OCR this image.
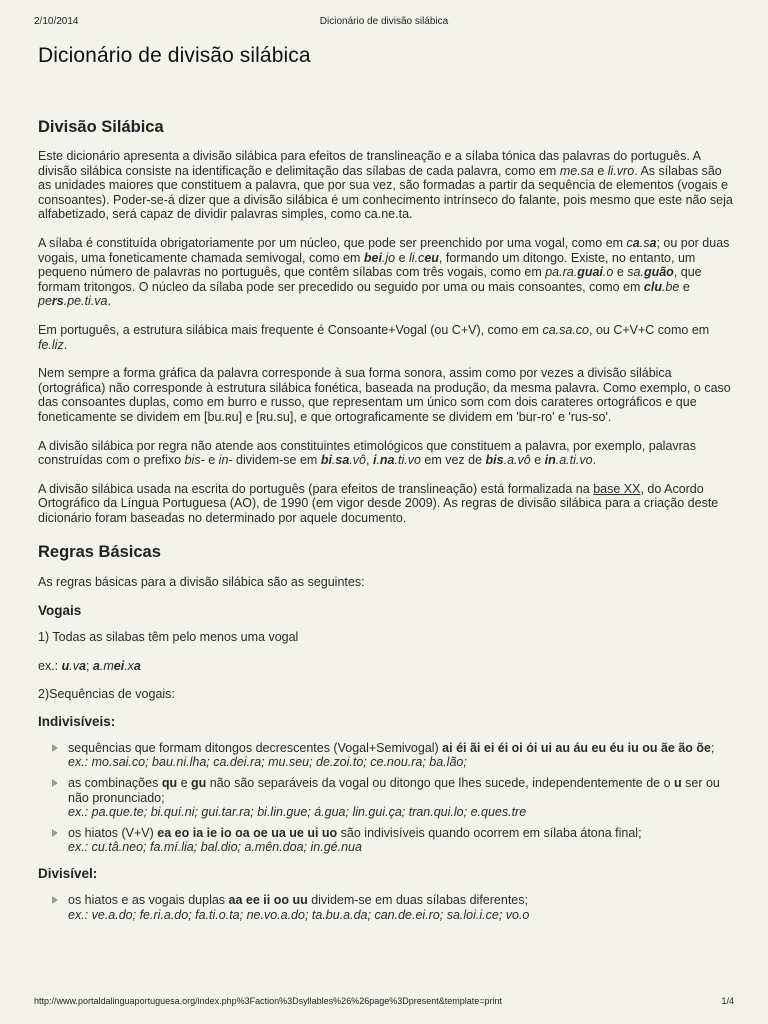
2/10/2014	Dicionário de divisão silábica
Dicionário de divisão silábica
Divisão Silábica

Este dicionário apresenta a divisão silábica para efeitos de translineação e a sílaba tónica das palavras do português. A divisão silábica consiste na identificação e delimitação das sílabas de cada palavra, como em me.sa e li.vro. As sílabas são as unidades maiores que constituem a palavra, que por sua vez, são formadas a partir da sequência de elementos (vogais e consoantes). Poder-se-á dizer que a divisão silábica é um conhecimento intrínseco do falante, pois mesmo que este não seja alfabetizado, será capaz de dividir palavras simples, como ca.ne.ta.

A sílaba é constituída obrigatoriamente por um núcleo, que pode ser preenchido por uma vogal, como em ca.sa; ou por duas vogais, uma foneticamente chamada semivogal, como em bei.jo e li.ceu, formando um ditongo. Existe, no entanto, um pequeno número de palavras no português, que contêm sílabas com três vogais, como em pa.ra.guai.o e sa.guão, que formam tritongos. O núcleo da sílaba pode ser precedido ou seguido por uma ou mais consoantes, como em clu.be e pers.pe.ti.va.

Em português, a estrutura silábica mais frequente é Consoante+Vogal (ou C+V), como em ca.sa.co, ou C+V+C como em fe.liz.

Nem sempre a forma gráfica da palavra corresponde à sua forma sonora, assim como por vezes a divisão silábica (ortográfica) não corresponde à estrutura silábica fonética, baseada na produção, da mesma palavra. Como exemplo, o caso das consoantes duplas, como em burro e russo, que representam um único som com dois carateres ortográficos e que foneticamente se dividem em [bu.ʀu] e [ʀu.su], e que ortograficamente se dividem em 'bur-ro' e 'rus-so'.

A divisão silábica por regra não atende aos constituintes etimológicos que constituem a palavra, por exemplo, palavras construídas com o prefixo bis- e in- dividem-se em bi.sa.vô, i.na.ti.vo em vez de bis.a.vô e in.a.ti.vo.

A divisão silábica usada na escrita do português (para efeitos de translineação) está formalizada na base XX, do Acordo Ortográfico da Língua Portuguesa (AO), de 1990 (em vigor desde 2009). As regras de divisão silábica para a criação deste dicionário foram baseadas no determinado por aquele documento.

Regras Básicas

As regras básicas para a divisão silábica são as seguintes:

Vogais

1) Todas as silabas têm pelo menos uma vogal

ex.: u.va; a.mei.xa

2)Sequências de vogais:

Indivisíveis:
sequências que formam ditongos decrescentes (Vogal+Semivogal) ai éi ãi ei éi oi ói ui au áu eu éu iu ou ãe ão õe;
ex.: mo.sai.co; bau.ni.lha; ca.dei.ra; mu.seu; de.zoi.to; ce.nou.ra; ba.lão;
as combinações qu e gu não são separáveis da vogal ou ditongo que lhes sucede, independentemente de o u ser ou não pronunciado;
ex.: pa.que.te; bi.quí.ni; gui.tar.ra; bi.lin.gue; á.gua; lin.gui.ça; tran.qui.lo; e.ques.tre
os hiatos (V+V) ea eo ia ie io oa oe ua ue ui uo são indivisíveis quando ocorrem em sílaba átona final;
ex.: cu.tâ.neo; fa.mí.lia; bal.dio; a.mên.doa; in.gé.nua
Divisível:
os hiatos e as vogais duplas aa ee ii oo uu dividem-se em duas sílabas diferentes;
ex.: ve.a.do; fe.ri.a.do; fa.ti.o.ta; ne.vo.a.do; ta.bu.a.da; can.de.ei.ro; sa.loi.i.ce; vo.o
http://www.portaldalinguaportuguesa.org/index.php%3Faction%3Dsyllables%26%26page%3Dpresent&template=print	1/4
